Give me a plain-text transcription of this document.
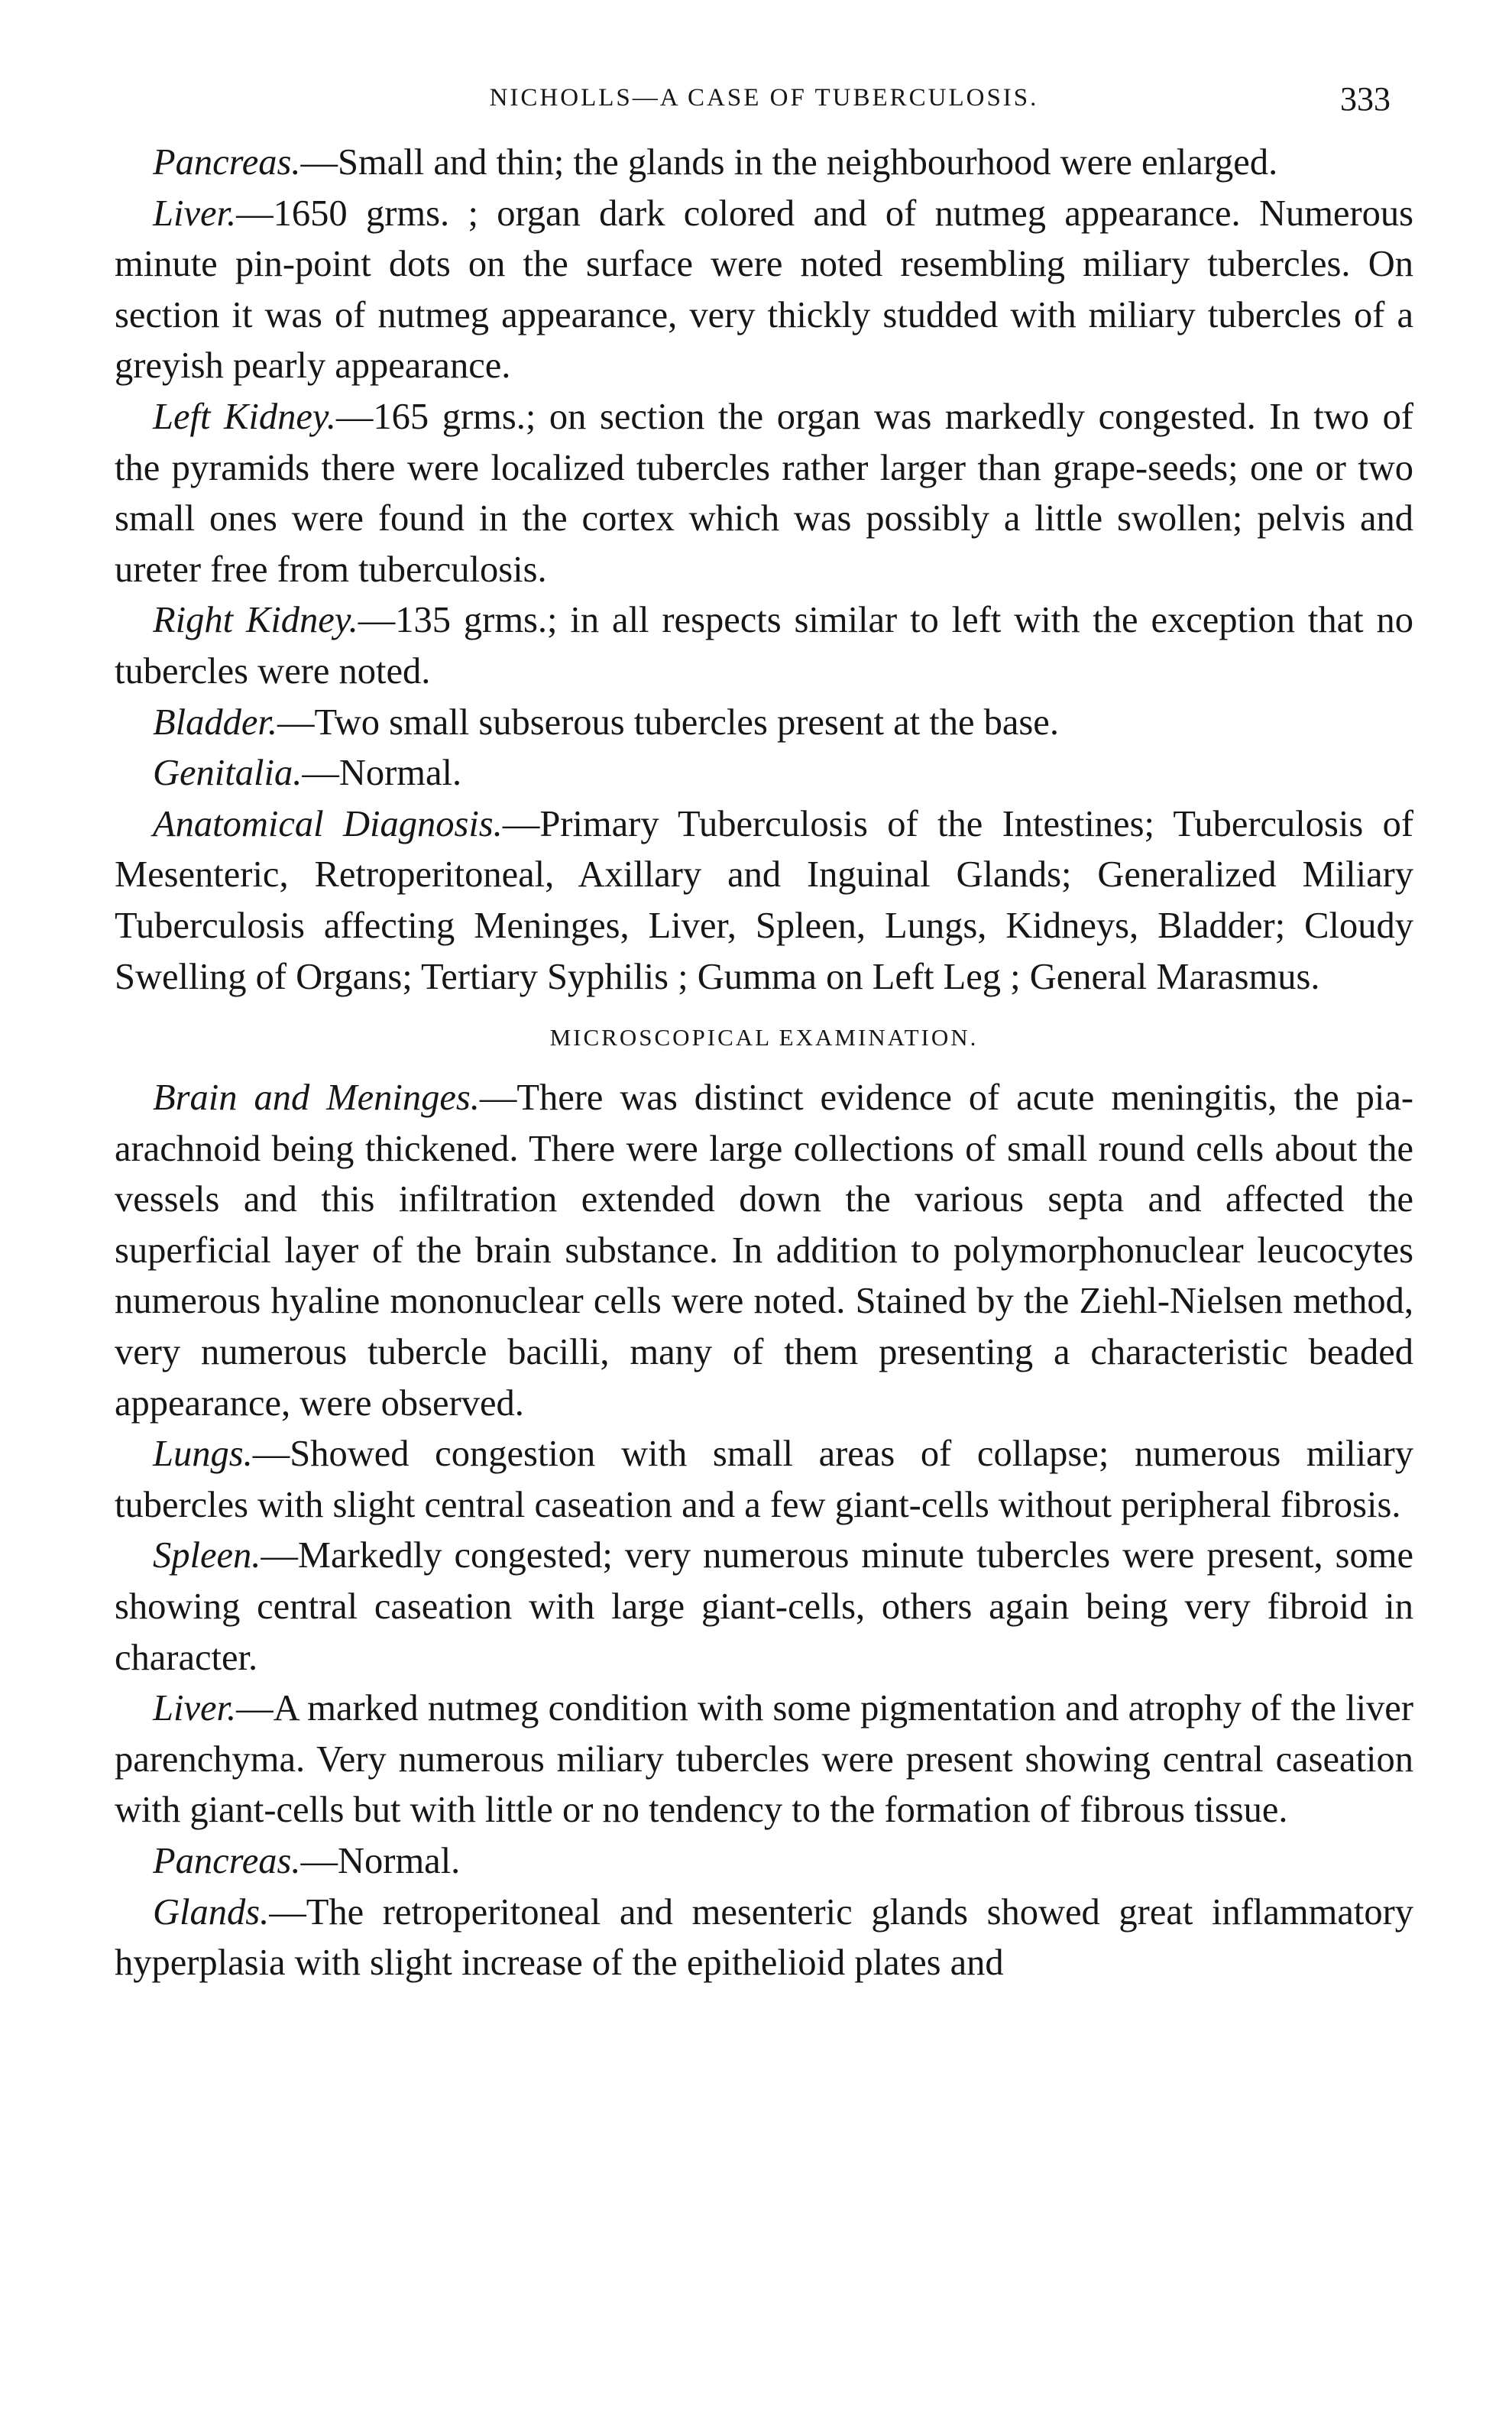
NICHOLLS—A CASE OF TUBERCULOSIS.	333

Pancreas.—Small and thin; the glands in the neighbourhood were enlarged.

Liver.—1650 grms. ; organ dark colored and of nutmeg appearance. Numerous minute pin-point dots on the surface were noted resembling miliary tubercles. On section it was of nutmeg appearance, very thickly studded with miliary tubercles of a greyish pearly appearance.

Left Kidney.—165 grms.; on section the organ was markedly congested. In two of the pyramids there were localized tubercles rather larger than grape-seeds; one or two small ones were found in the cortex which was possibly a little swollen; pelvis and ureter free from tuberculosis.

Right Kidney.—135 grms.; in all respects similar to left with the exception that no tubercles were noted.

Bladder.—Two small subserous tubercles present at the base.

Genitalia.—Normal.

Anatomical Diagnosis.—Primary Tuberculosis of the Intestines; Tuberculosis of Mesenteric, Retroperitoneal, Axillary and Inguinal Glands; Generalized Miliary Tuberculosis affecting Meninges, Liver, Spleen, Lungs, Kidneys, Bladder; Cloudy Swelling of Organs; Tertiary Syphilis ; Gumma on Left Leg ; General Marasmus.

MICROSCOPICAL EXAMINATION.

Brain and Meninges.—There was distinct evidence of acute meningitis, the pia-arachnoid being thickened. There were large collections of small round cells about the vessels and this infiltration extended down the various septa and affected the superficial layer of the brain substance. In addition to polymorphonuclear leucocytes numerous hyaline mononuclear cells were noted. Stained by the Ziehl-Nielsen method, very numerous tubercle bacilli, many of them presenting a characteristic beaded appearance, were observed.

Lungs.—Showed congestion with small areas of collapse; numerous miliary tubercles with slight central caseation and a few giant-cells without peripheral fibrosis.

Spleen.—Markedly congested; very numerous minute tubercles were present, some showing central caseation with large giant-cells, others again being very fibroid in character.

Liver.—A marked nutmeg condition with some pigmentation and atrophy of the liver parenchyma. Very numerous miliary tubercles were present showing central caseation with giant-cells but with little or no tendency to the formation of fibrous tissue.

Pancreas.—Normal.

Glands.—The retroperitoneal and mesenteric glands showed great inflammatory hyperplasia with slight increase of the epithelioid plates and
